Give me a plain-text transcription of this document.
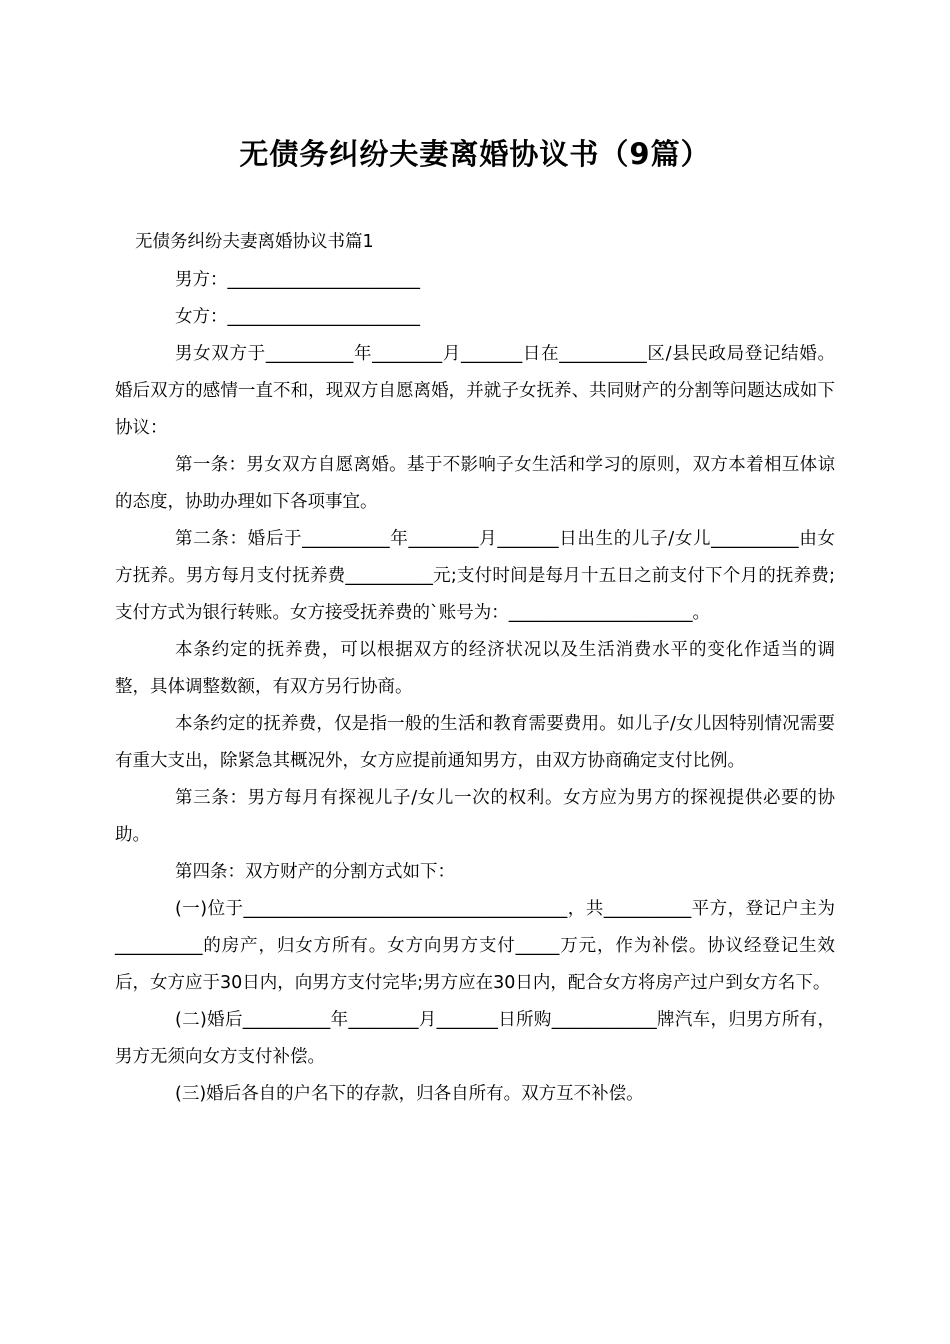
无债务纠纷夫妻离婚协议书（9篇）
无债务纠纷夫妻离婚协议书篇1
男方：______________________
女方：______________________

男女双方于__________年________月_______日在__________区/县民政局登记结婚。婚后双方的感情一直不和，现双方自愿离婚，并就子女抚养、共同财产的分割等问题达成如下协议：

第一条：男女双方自愿离婚。基于不影响子女生活和学习的原则，双方本着相互体谅的态度，协助办理如下各项事宜。

第二条：婚后于__________年________月_______日出生的儿子/女儿__________由女方抚养。男方每月支付抚养费__________元;支付时间是每月十五日之前支付下个月的抚养费;支付方式为银行转账。女方接受抚养费的`账号为：_____________________。

本条约定的抚养费，可以根据双方的经济状况以及生活消费水平的变化作适当的调整，具体调整数额，有双方另行协商。

本条约定的抚养费，仅是指一般的生活和教育需要费用。如儿子/女儿因特别情况需要有重大支出，除紧急其概况外，女方应提前通知男方，由双方协商确定支付比例。

第三条：男方每月有探视儿子/女儿一次的权利。女方应为男方的探视提供必要的协助。

第四条：双方财产的分割方式如下：

(一)位于_____________________________________，共__________平方，登记户主为__________的房产，归女方所有。女方向男方支付_____万元，作为补偿。协议经登记生效后，女方应于30日内，向男方支付完毕;男方应在30日内，配合女方将房产过户到女方名下。

(二)婚后__________年________月_______日所购____________牌汽车，归男方所有，男方无须向女方支付补偿。

(三)婚后各自的户名下的存款，归各自所有。双方互不补偿。
